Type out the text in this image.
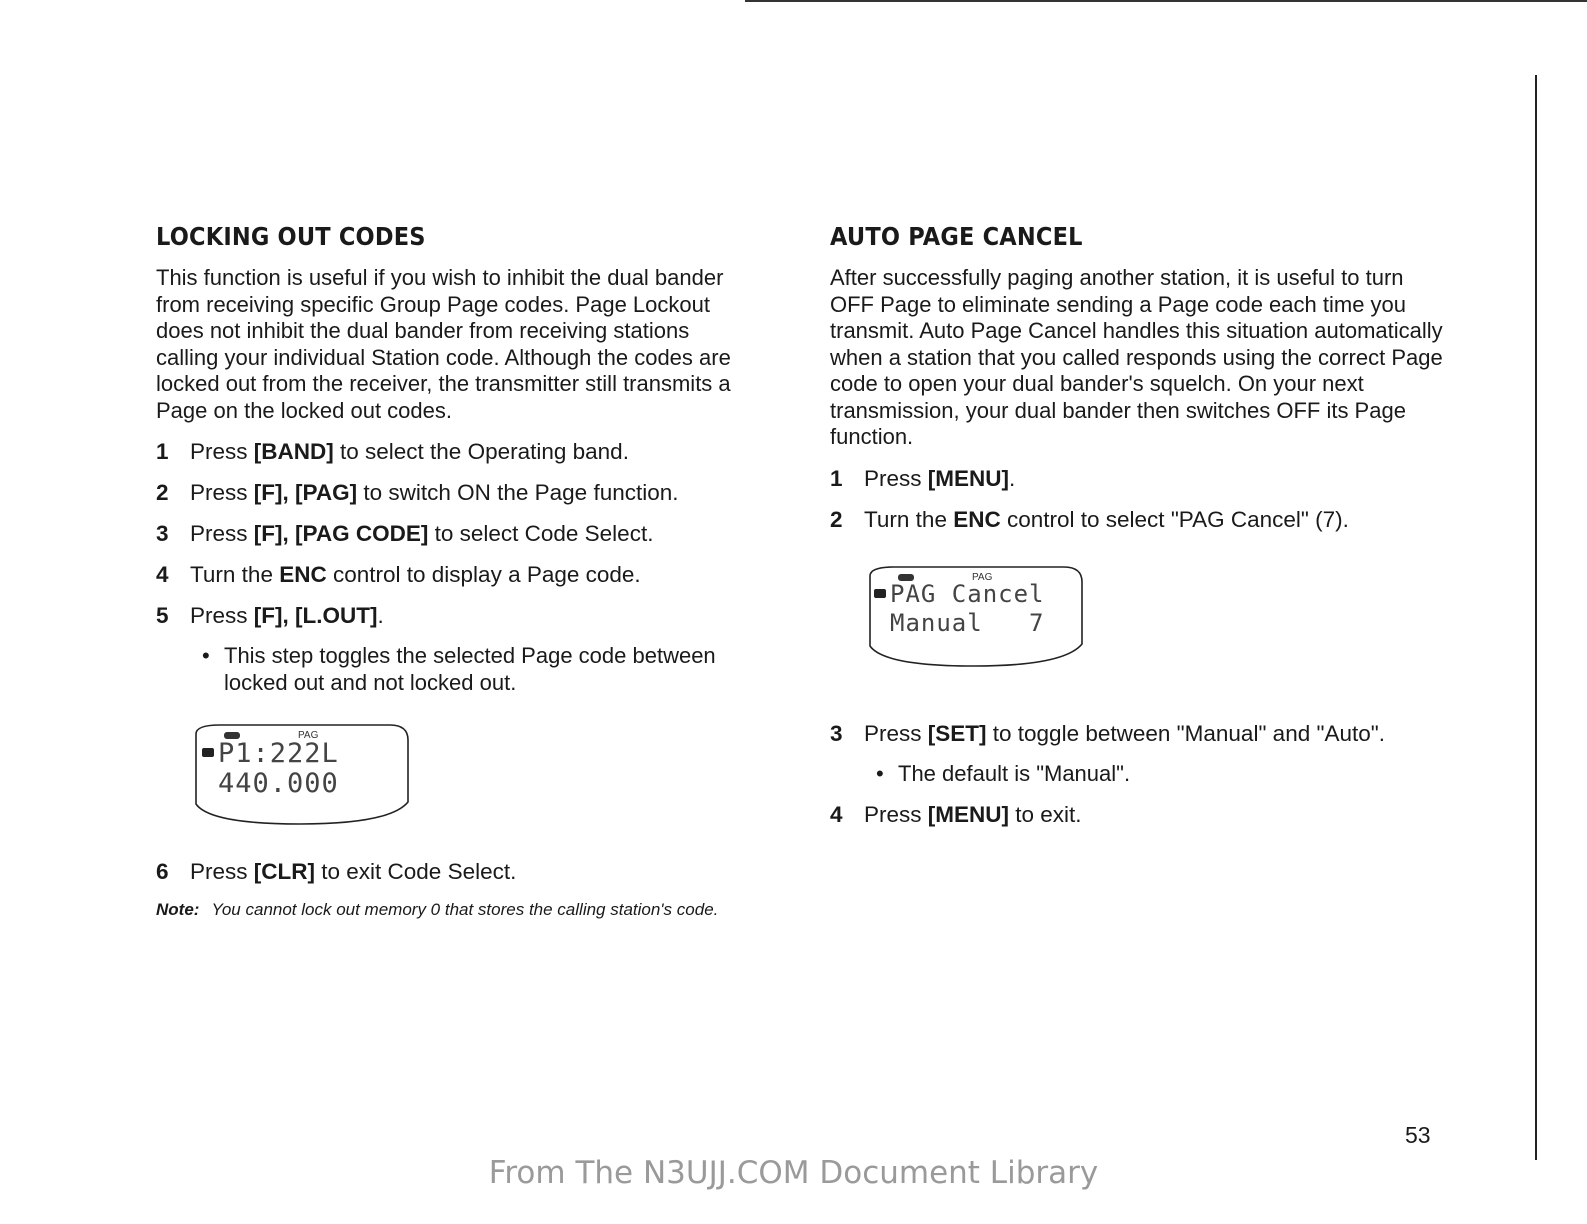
LOCKING OUT CODES

This function is useful if you wish to inhibit the dual bander from receiving specific Group Page codes. Page Lockout does not inhibit the dual bander from receiving stations calling your individual Station code. Although the codes are locked out from the receiver, the transmitter still transmits a Page on the locked out codes.

1 Press [BAND] to select the Operating band.
2 Press [F], [PAG] to switch ON the Page function.
3 Press [F], [PAG CODE] to select Code Select.
4 Turn the ENC control to display a Page code.
5 Press [F], [L.OUT].
• This step toggles the selected Page code between locked out and not locked out.
PAG
P1:222L
440.000
6 Press [CLR] to exit Code Select.
Note: You cannot lock out memory 0 that stores the calling station's code.
AUTO PAGE CANCEL

After successfully paging another station, it is useful to turn OFF Page to eliminate sending a Page code each time you transmit. Auto Page Cancel handles this situation automatically when a station that you called responds using the correct Page code to open your dual bander's squelch. On your next transmission, your dual bander then switches OFF its Page function.

1 Press [MENU].
2 Turn the ENC control to select "PAG Cancel" (7).
PAG
PAG Cancel
Manual   7
3 Press [SET] to toggle between "Manual" and "Auto".
• The default is "Manual".
4 Press [MENU] to exit.
53
From The N3UJJ.COM Document Library
